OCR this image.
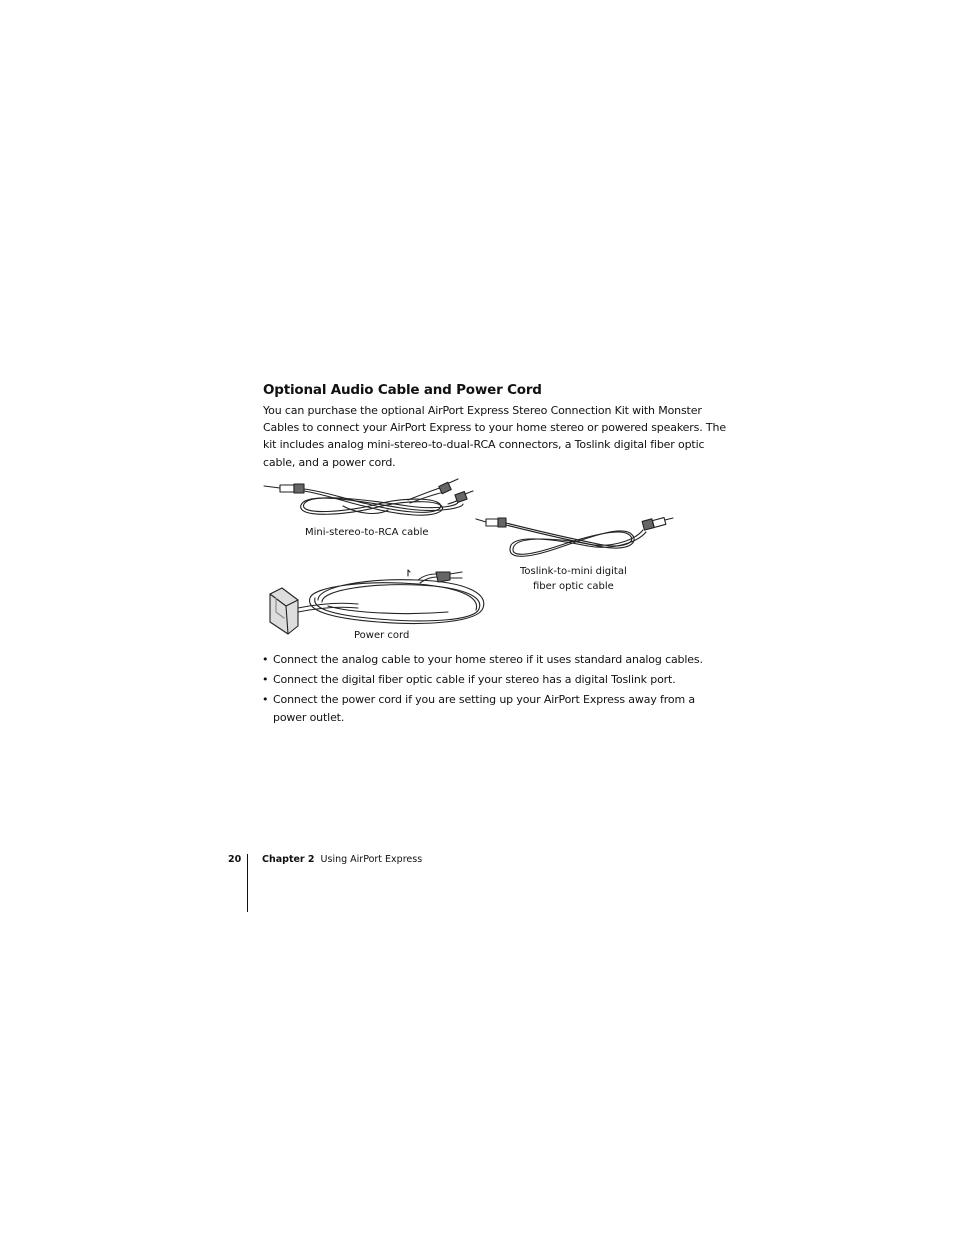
Optional Audio Cable and Power Cord

You can purchase the optional AirPort Express Stereo Connection Kit with Monster
Cables to connect your AirPort Express to your home stereo or powered speakers. The
kit includes analog mini-stereo-to-dual-RCA connectors, a Toslink digital fiber optic
cable, and a power cord.

Mini-stereo-to-RCA cable

Toslink-to-mini digital
fiber optic cable

Power cord

• Connect the analog cable to your home stereo if it uses standard analog cables.
• Connect the digital fiber optic cable if your stereo has a digital Toslink port.
• Connect the power cord if you are setting up your AirPort Express away from a
power outlet.

20 Chapter 2 Using AirPort Express
